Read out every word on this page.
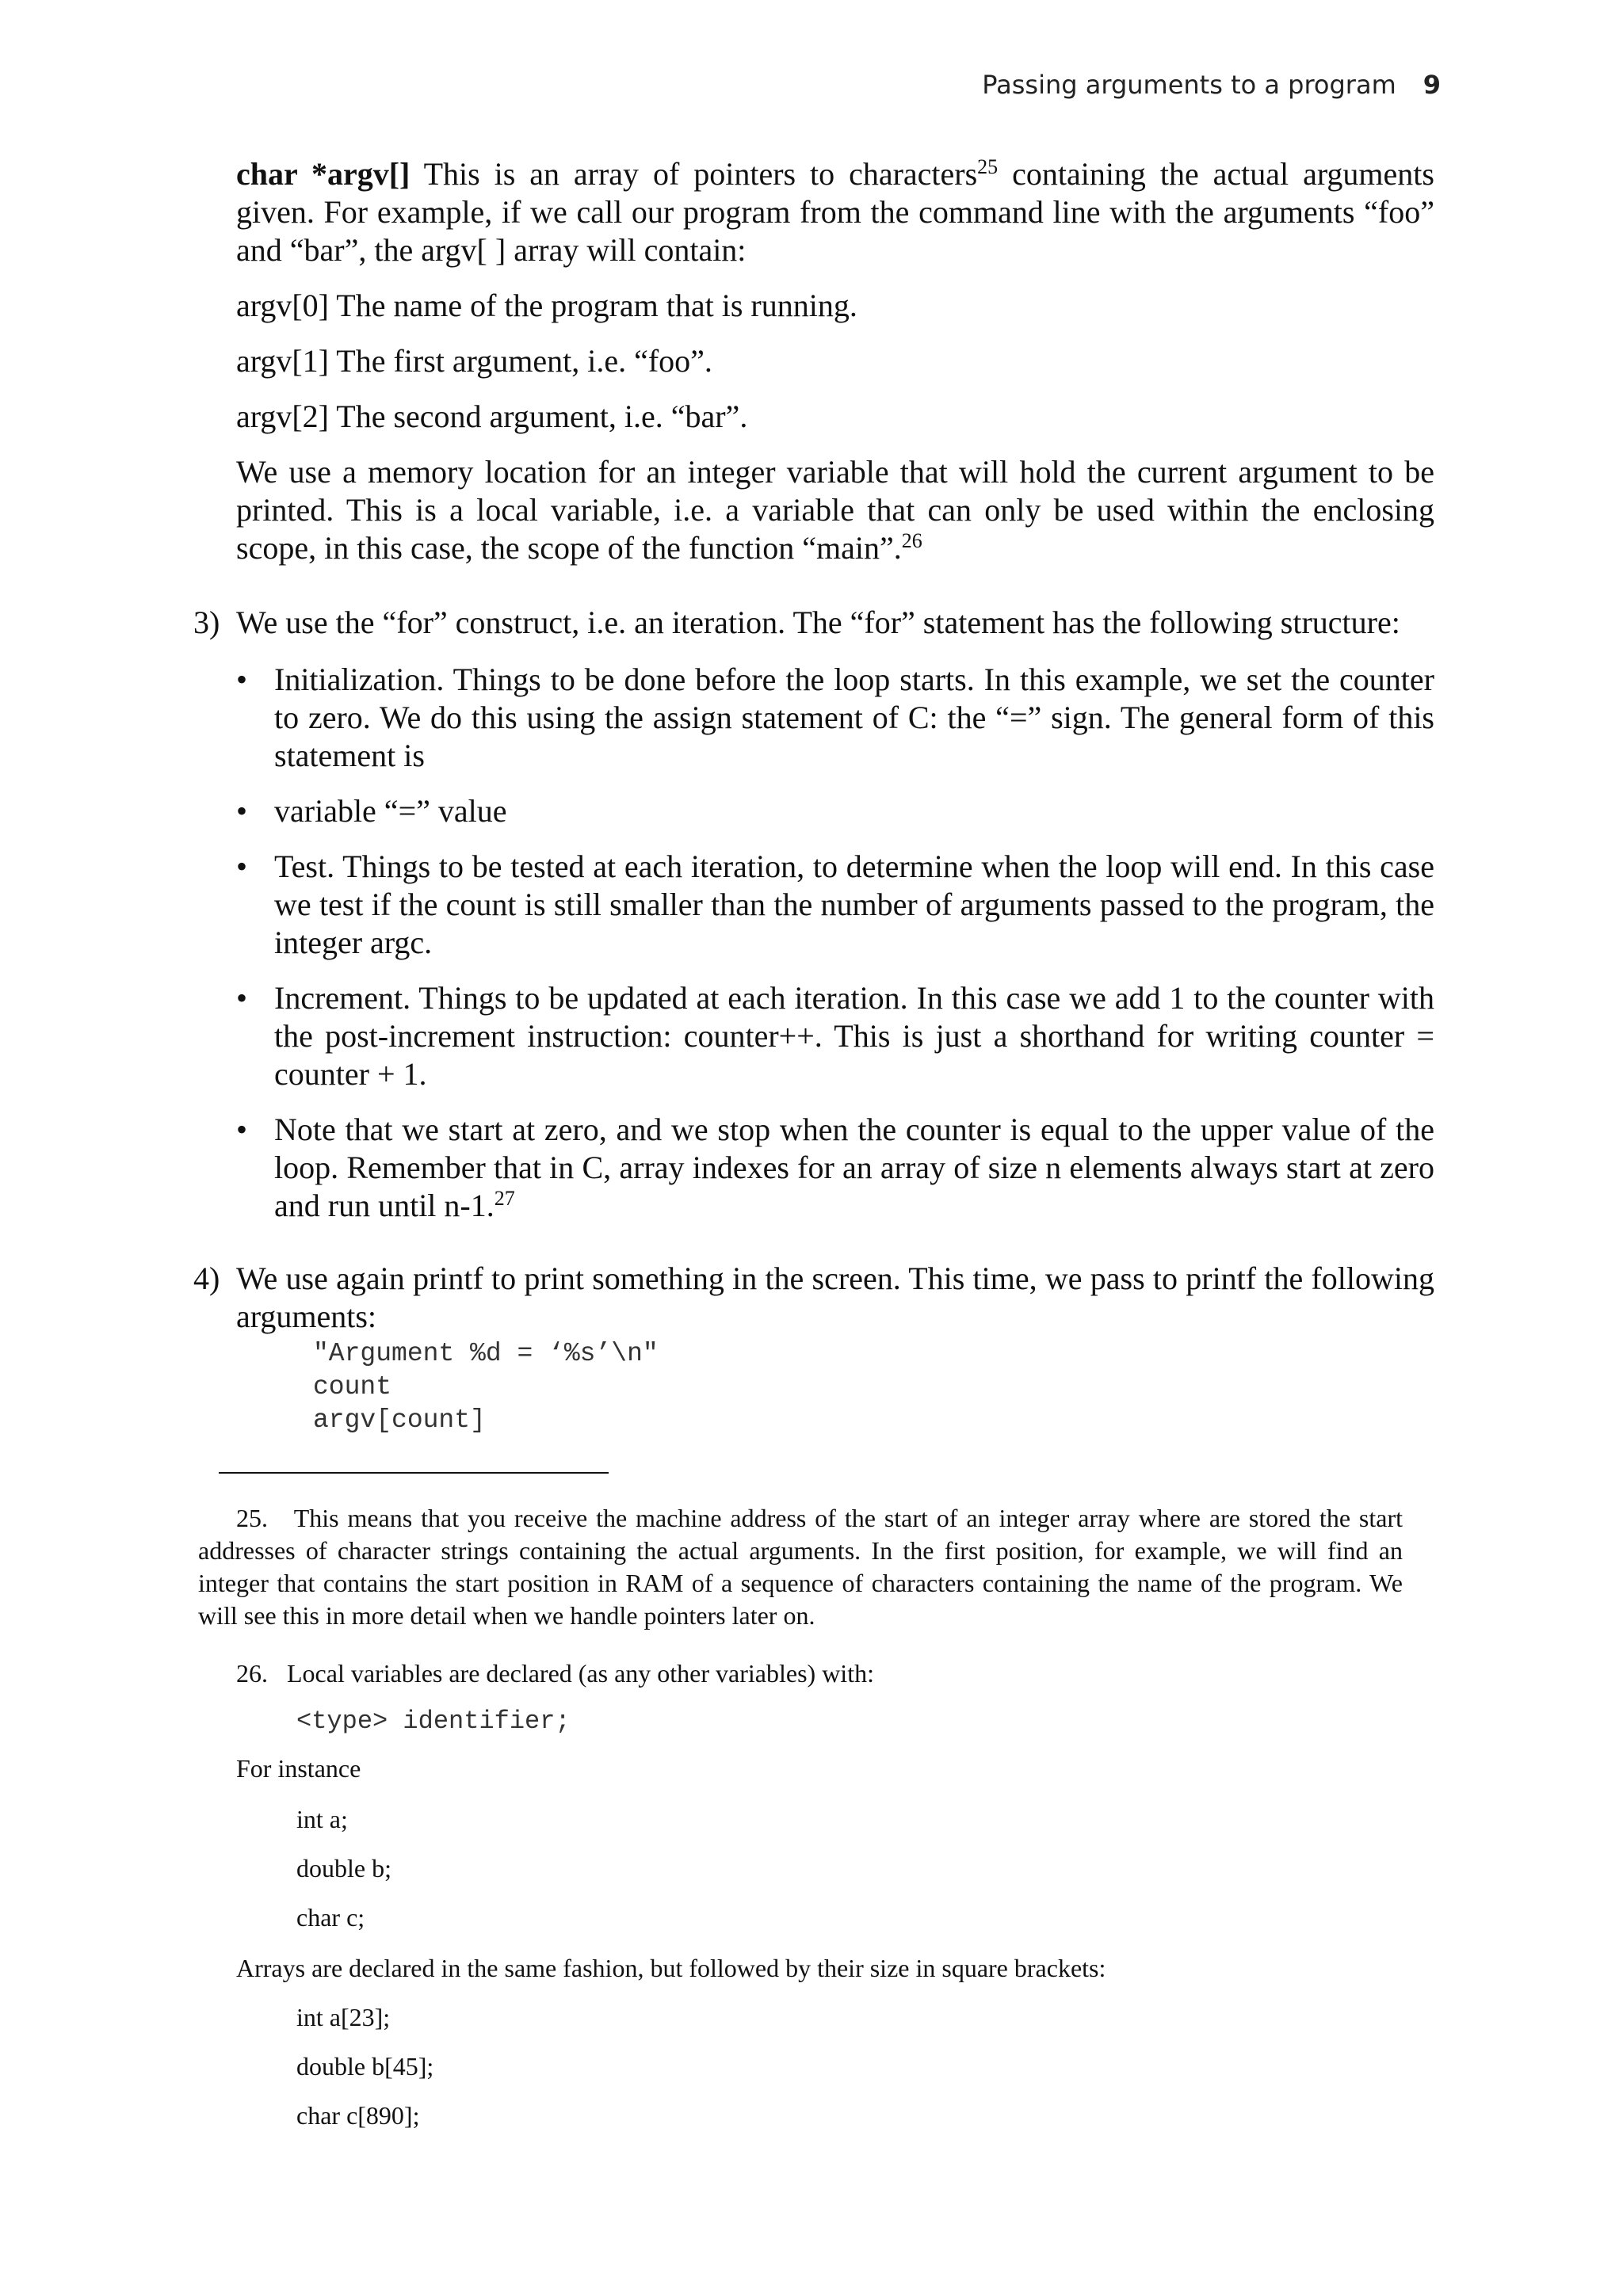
Passing arguments to a program 9

char *argv[] This is an array of pointers to characters$^{25}$ containing the actual arguments given. For example, if we call our program from the command line with the arguments “foo” and “bar”, the argv[ ] array will contain:

argv[0] The name of the program that is running.

argv[1] The first argument, i.e. “foo”.

argv[2] The second argument, i.e. “bar”.

We use a memory location for an integer variable that will hold the current argument to be printed. This is a local variable, i.e. a variable that can only be used within the enclosing scope, in this case, the scope of the function “main”.$^{26}$

3) We use the “for” construct, i.e. an iteration. The “for” statement has the following structure:
• Initialization. Things to be done before the loop starts. In this example, we set the counter to zero. We do this using the assign statement of C: the “=” sign. The general form of this statement is
• variable “=” value
• Test. Things to be tested at each iteration, to determine when the loop will end. In this case we test if the count is still smaller than the number of arguments passed to the program, the integer argc.
• Increment. Things to be updated at each iteration. In this case we add 1 to the counter with the post-increment instruction: counter++. This is just a shorthand for writing counter = counter + 1.
• Note that we start at zero, and we stop when the counter is equal to the upper value of the loop. Remember that in C, array indexes for an array of size n elements always start at zero and run until n-1.27
4) We use again printf to print something in the screen. This time, we pass to printf the following arguments:
"Argument %d = ‘%s’\n"
count
argv[count]
25. This means that you receive the machine address of the start of an integer array where are stored the start addresses of character strings containing the actual arguments. In the first position, for example, we will find an integer that contains the start position in RAM of a sequence of characters containing the name of the program. We will see this in more detail when we handle pointers later on.
26. Local variables are declared (as any other variables) with:
<type> identifier;
For instance
int a;
double b;
char c;
Arrays are declared in the same fashion, but followed by their size in square brackets:
int a[23];
double b[45];
char c[890];
